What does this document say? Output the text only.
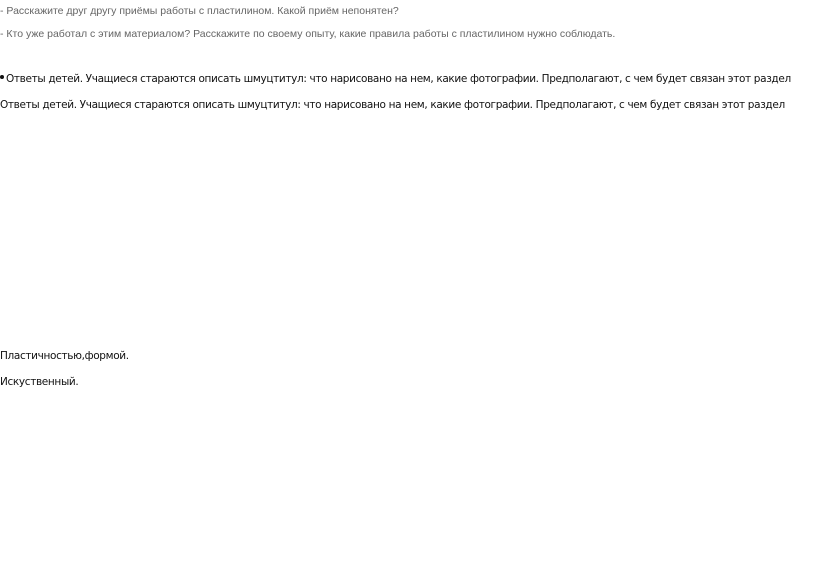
- Расскажите друг другу приёмы работы с пластилином. Какой приём непонятен?

- Кто уже работал с этим материалом? Расскажите по своему опыту, какие правила работы с пластилином нужно соблюдать.

Ответы детей. Учащиеся стараются описать шмуцтитул: что нарисовано на нем, какие фотографии. Предполагают, с чем будет связан этот раздел

Ответы детей. Учащиеся стараются описать шмуцтитул: что нарисовано на нем, какие фотографии. Предполагают, с чем будет связан этот раздел

Пластичностью,формой.

Искуственный.
